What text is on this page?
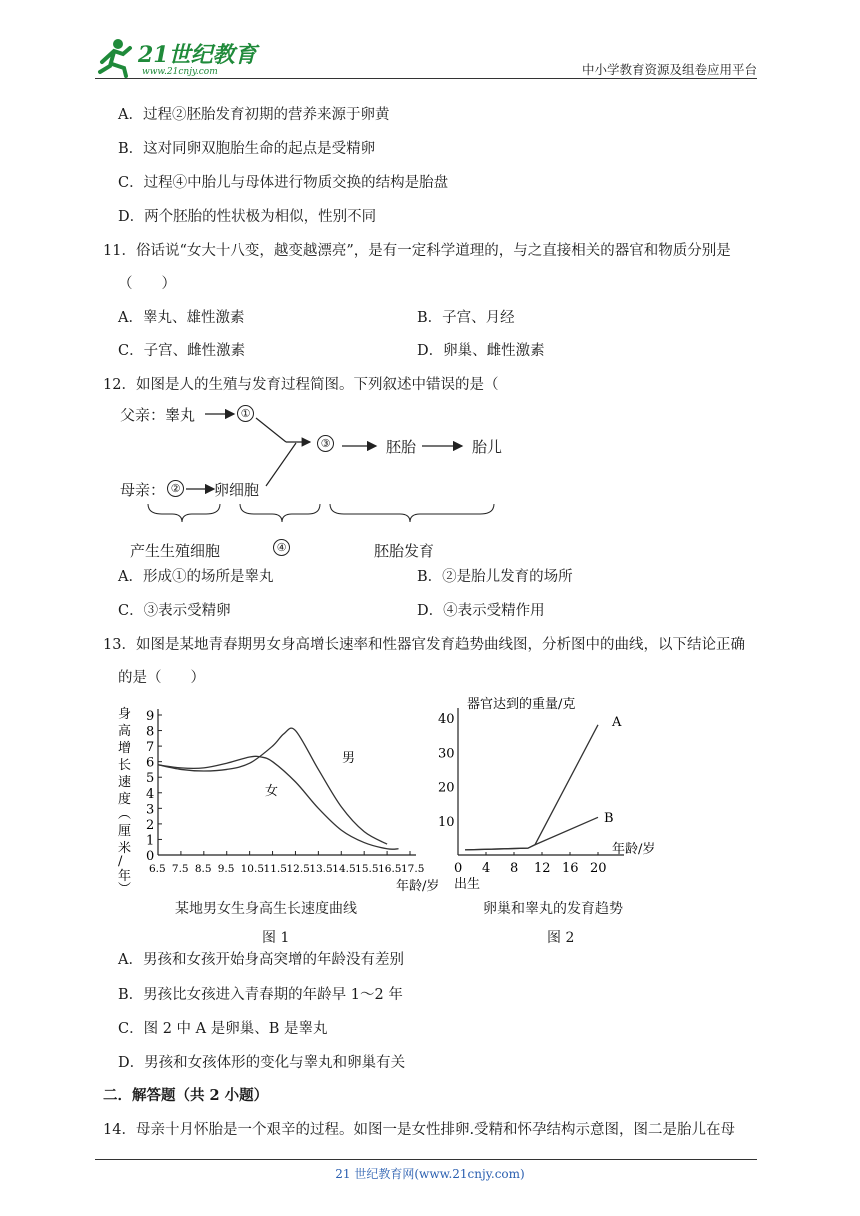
21世纪教育
www.21cnjy.com	中小学教育资源及组卷应用平台
A．过程②胚胎发育初期的营养来源于卵黄
B．这对同卵双胞胎生命的起点是受精卵
C．过程④中胎儿与母体进行物质交换的结构是胎盘
D．两个胚胎的性状极为相似，性别不同
11．俗话说“女大十八变，越变越漂亮”，是有一定科学道理的，与之直接相关的器官和物质分别是
（　　）
A．睾丸、雄性激素	B．子宫、月经
C．子宫、雌性激素	D．卵巢、雌性激素
12．如图是人的生殖与发育过程简图。下列叙述中错误的是（
父亲：睾丸	①
母亲： ②	卵细胞
③	胚胎	胎儿
产生生殖细胞	④	胚胎发育
A．形成①的场所是睾丸	B．②是胎儿发育的场所
C．③表示受精卵	D．④表示受精作用
13．如图是某地青春期男女身高增长速率和性器官发育趋势曲线图，分析图中的曲线，以下结论正确
的是（　　）
身
高
增
长
速
度
︵
厘
米
/
年
︶
0
1
2
3
4
5
6
7
8
9
6.5 7.5 8.5 9.5 10.5 11.5 12.5 13.5 14.5 15.5 16.5 17.5
年龄/岁
男
女
某地男女生身高生长速度曲线
图 1
器官达到的重量/克
10
20
30
40
0 4 8 12 16 20
年龄/岁
出生
A
B
卵巢和睾丸的发育趋势
图 2
A．男孩和女孩开始身高突增的年龄没有差别
B．男孩比女孩进入青春期的年龄早 1～2 年
C．图 2 中 A 是卵巢、B 是睾丸
D．男孩和女孩体形的变化与睾丸和卵巢有关
二．解答题（共 2 小题）
14．母亲十月怀胎是一个艰辛的过程。如图一是女性排卵.受精和怀孕结构示意图，图二是胎儿在母
21 世纪教育网(www.21cnjy.com)
